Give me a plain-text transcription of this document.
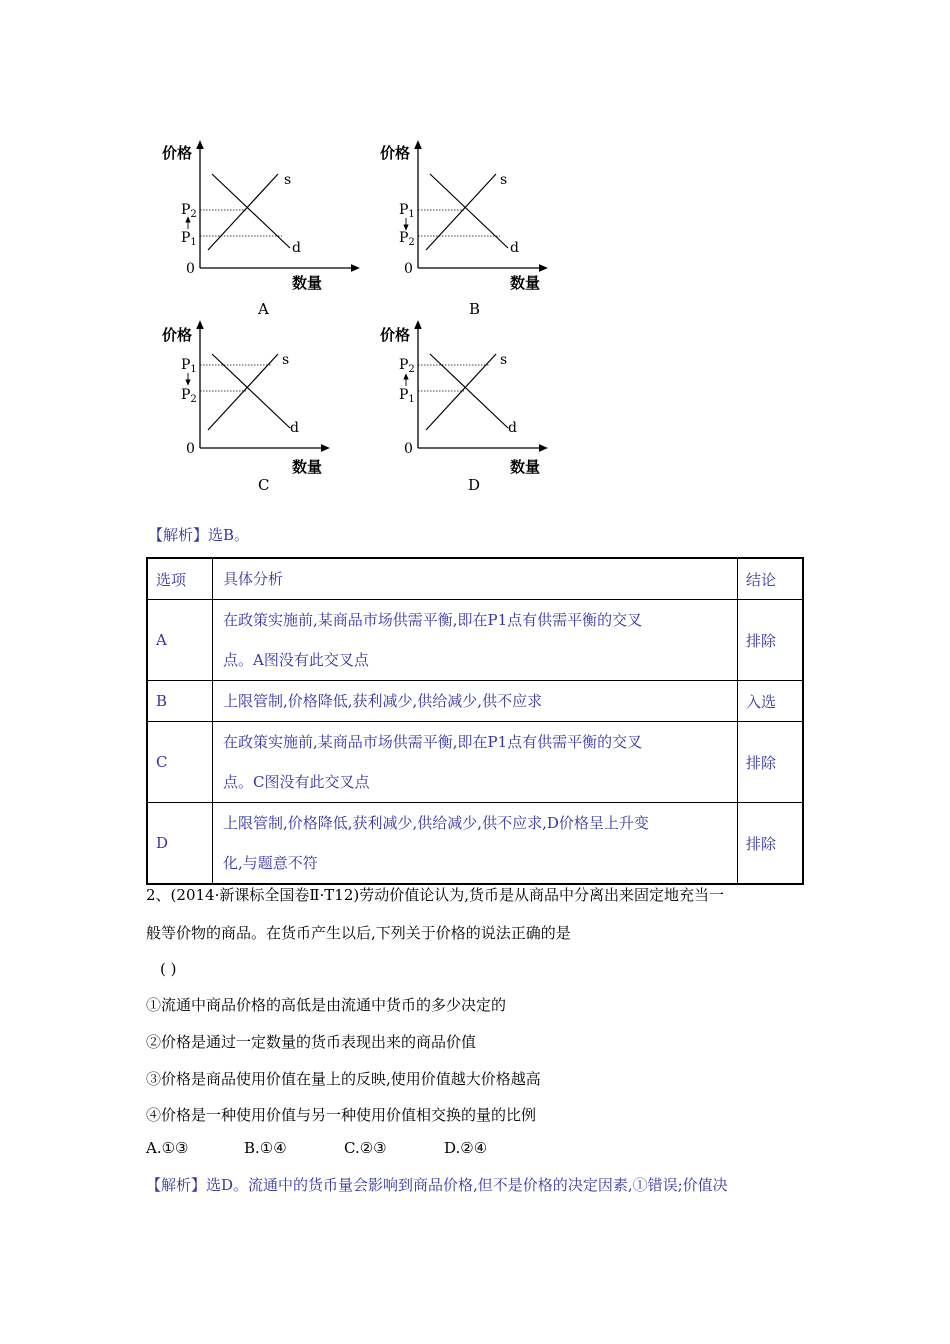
价格
数量
0
s
d
$P_2$
$P_1$
价格
数量
0
s
d
$P_1$
$P_2$
价格
数量
0
s
d
$P_1$
$P_2$
价格
数量
0
s
d
$P_2$
$P_1$
A	B
C	D
【解析】选B。
选项	具体分析	结论
A	在政策实施前,某商品市场供需平衡,即在P1点有供需平衡的交叉
点。A图没有此交叉点	排除
B	上限管制,价格降低,获利减少,供给减少,供不应求	入选
C	在政策实施前,某商品市场供需平衡,即在P1点有供需平衡的交叉
点。C图没有此交叉点	排除
D	上限管制,价格降低,获利减少,供给减少,供不应求,D价格呈上升变
化,与题意不符	排除
2、(2014·新课标全国卷Ⅱ·T12)劳动价值论认为,货币是从商品中分离出来固定地充当一
般等价物的商品。在货币产生以后,下列关于价格的说法正确的是
( )
①流通中商品价格的高低是由流通中货币的多少决定的
②价格是通过一定数量的货币表现出来的商品价值
③价格是商品使用价值在量上的反映,使用价值越大价格越高
④价格是一种使用价值与另一种使用价值相交换的量的比例
A.①③	B.①④	C.②③	D.②④
【解析】选D。流通中的货币量会影响到商品价格,但不是价格的决定因素,①错误;价值决
